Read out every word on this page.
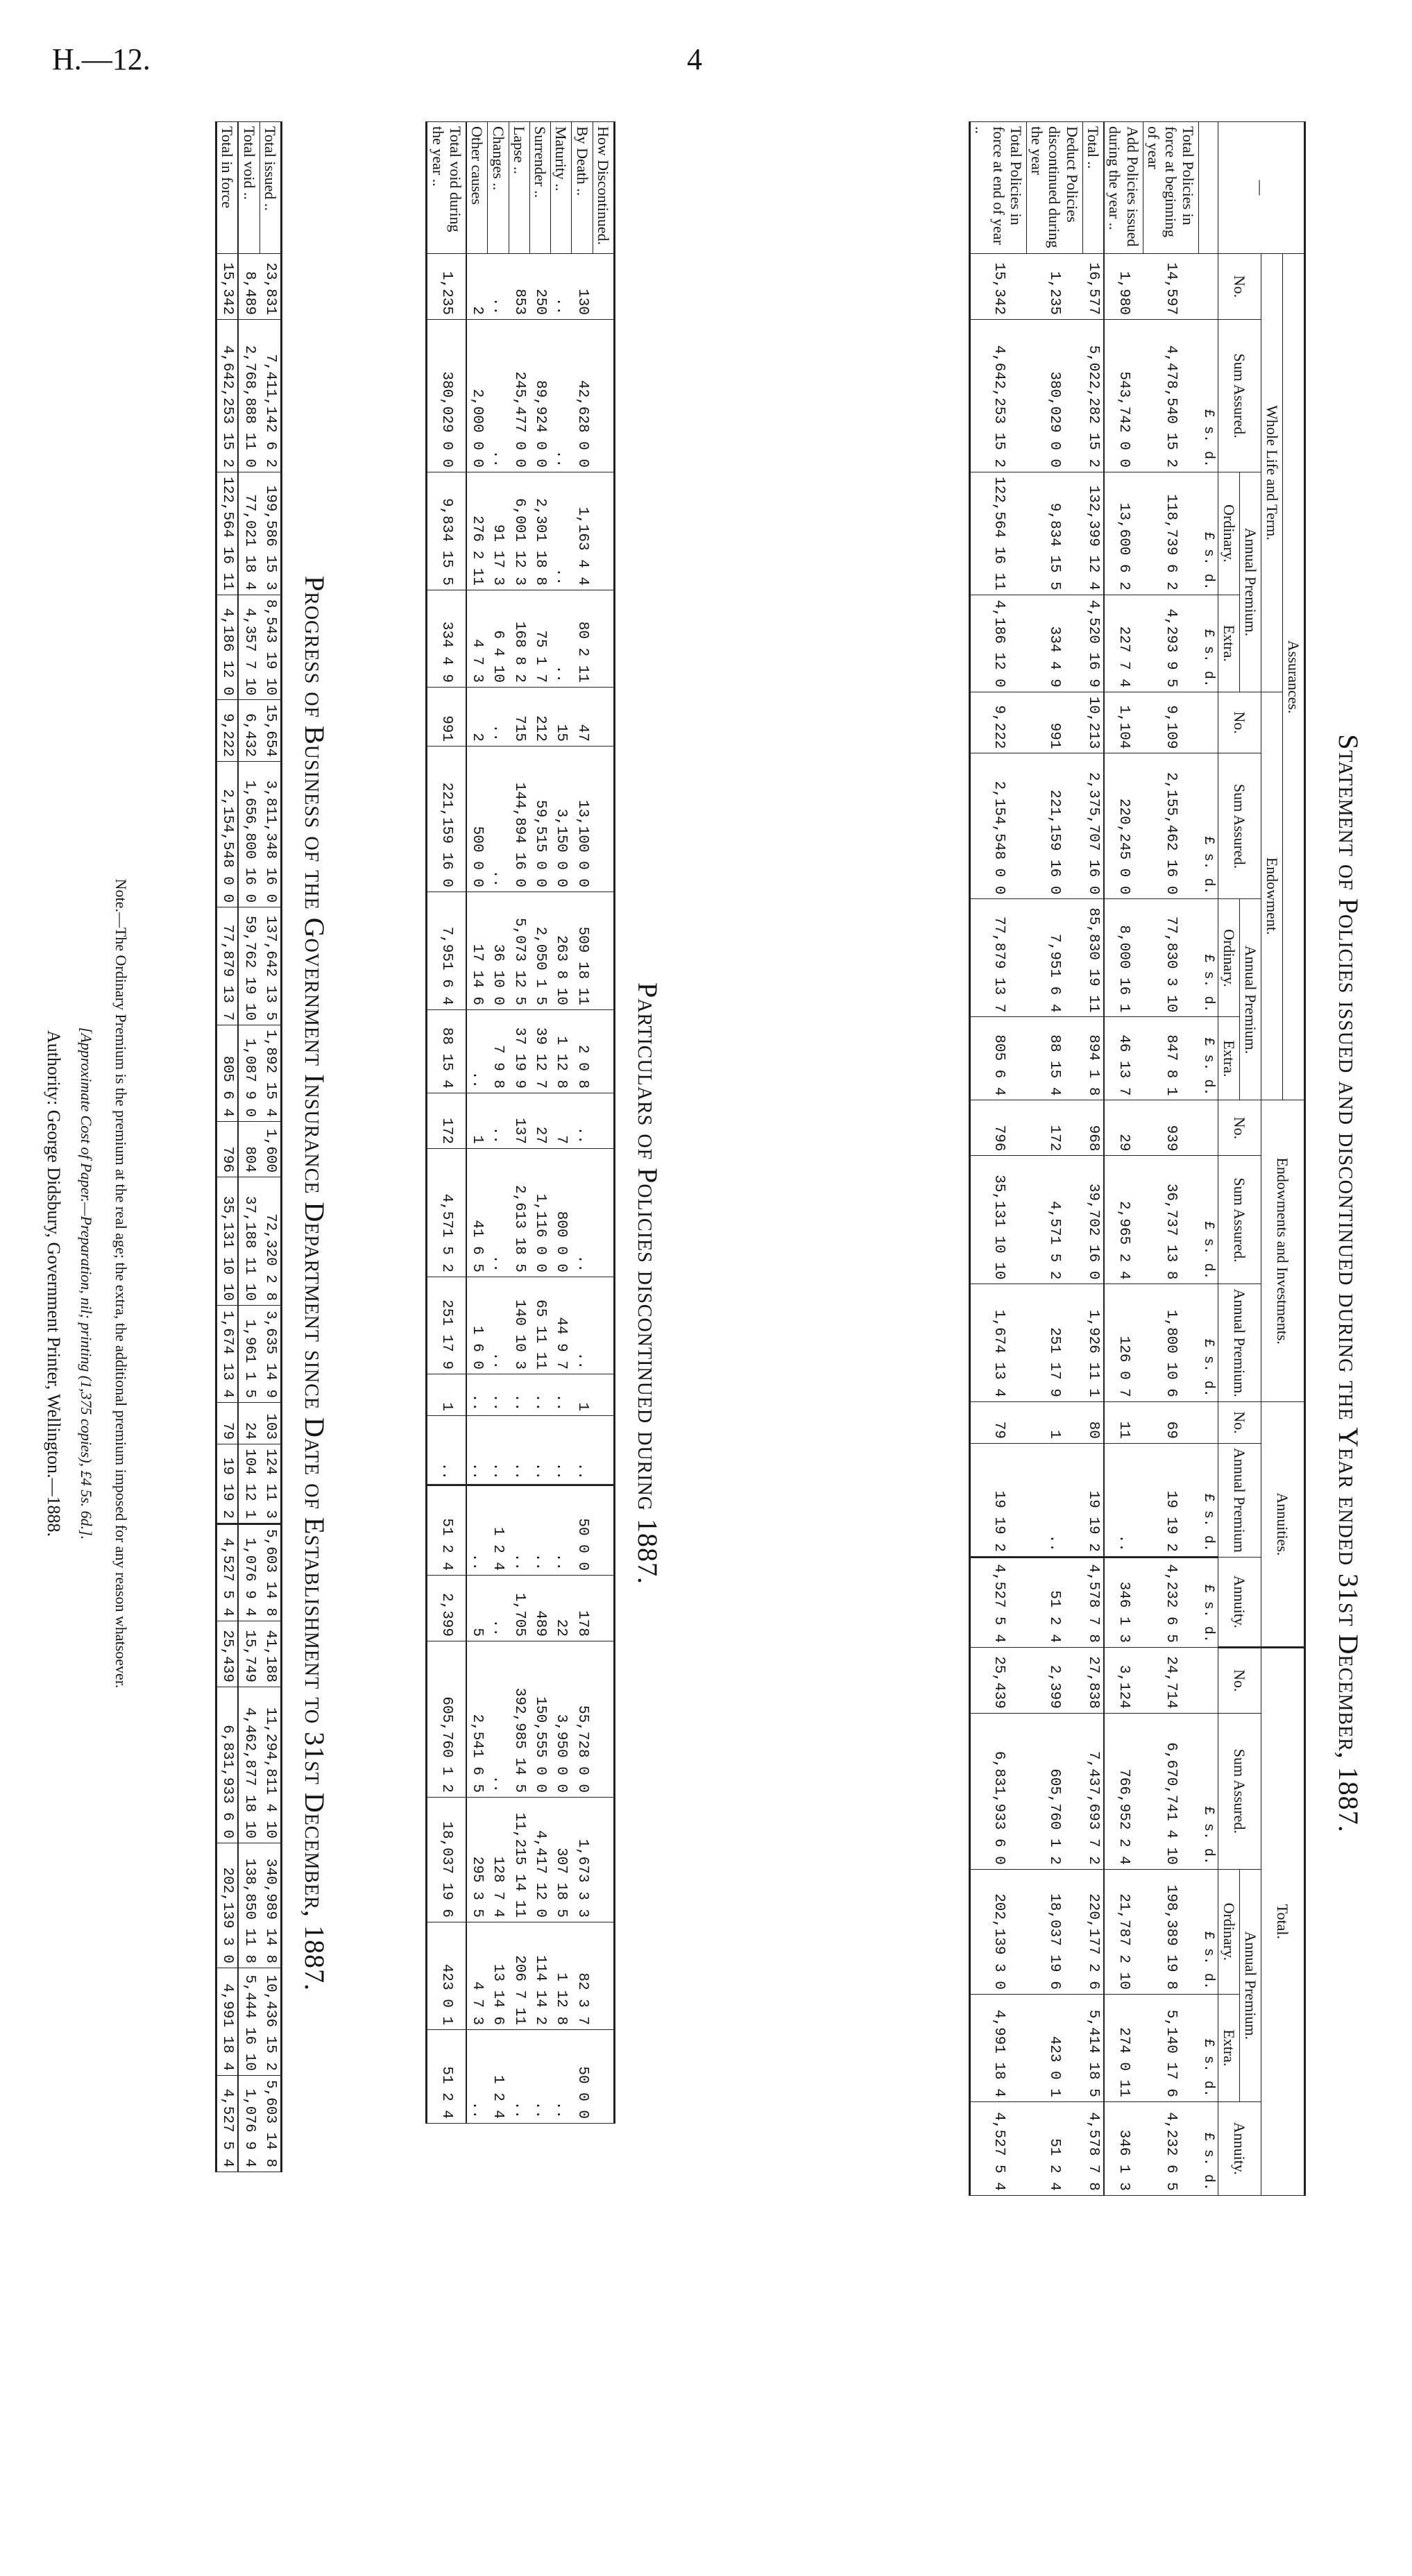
H.—12.	4
Statement of Policies issued and discontinued during the Year ended 31st December, 1887.
—	Assurances.								Endowments and Investments.			Annuities.			Total.				
	Whole Life and Term.				Endowment.														
	No.	Sum Assured.	Annual Premium.		No.	Sum Assured.	Annual Premium.		No.	Sum Assured.	Annual Premium.	No.	Annual Premium	Annuity.	No.	Sum Assured.	Annual Premium.		Annuity.
			Ordinary.	Extra.			Ordinary.	Extra.									Ordinary.	Extra.	
		£ s. d.	£ s. d.	£ s. d.		£ s. d.	£ s. d.	£ s. d.		£ s. d.	£ s. d.		£ s. d.	£ s. d.		£ s. d.	£ s. d.	£ s. d.	£ s. d.
Total Policies in force at beginning of year	14,597	4,478,540 15 2	118,739 6 2	4,293 9 5	9,109	2,155,462 16 0	77,830 3 10	847 8 1	939	36,737 13 8	1,800 10 6	69	19 19 2	4,232 6 5	24,714	6,670,741 4 10	198,389 19 8	5,140 17 6	4,232 6 5
Add Policies issued during the year ..	1,980	543,742 0 0	13,600 6 2	227 7 4	1,104	220,245 0 0	8,000 16 1	46 13 7	29	2,965 2 4	126 0 7	11	..	346 1 3	3,124	766,952 2 4	21,787 2 10	274 0 11	346 1 3
Total ..	16,577	5,022,282 15 2	132,399 12 4	4,520 16 9	10,213	2,375,707 16 0	85,830 19 11	894 1 8	968	39,702 16 0	1,926 11 1	80	19 19 2	4,578 7 8	27,838	7,437,693 7 2	220,177 2 6	5,414 18 5	4,578 7 8
Deduct Policies discontinued during the year	1,235	380,029 0 0	9,834 15 5	334 4 9	991	221,159 16 0	7,951 6 4	88 15 4	172	4,571 5 2	251 17 9	1	..	51 2 4	2,399	605,760 1 2	18,037 19 6	423 0 1	51 2 4
Total Policies in force at end of year ..	15,342	4,642,253 15 2	122,564 16 11	4,186 12 0	9,222	2,154,548 0 0	77,879 13 7	805 6 4	796	35,131 10 10	1,674 13 4	79	19 19 2	4,527 5 4	25,439	6,831,933 6 0	202,139 3 0	4,991 18 4	4,527 5 4
Particulars of Policies discontinued during 1887.
How Discontinued.																			
By Death ..	130	42,628 0 0	1,163 4 4	80 2 11	47	13,100 0 0	509 18 11	2 0 8	..	..	..	1	..	50 0 0	178	55,728 0 0	1,673 3 3	82 3 7	50 0 0
Maturity ..	..	..	..	..	15	3,150 0 0	263 8 10	1 12 8	7	800 0 0	44 9 7	..	..	..	22	3,950 0 0	307 18 5	1 12 8	..
Surrender ..	250	89,924 0 0	2,301 18 8	75 1 7	212	59,515 0 0	2,050 1 5	39 12 7	27	1,116 0 0	65 11 11	..	..	..	489	150,555 0 0	4,417 12 0	114 14 2	..
Lapse ..	853	245,477 0 0	6,001 12 3	168 8 2	715	144,894 16 0	5,073 12 5	37 19 9	137	2,613 18 5	140 10 3	..	..	..	1,705	392,985 14 5	11,215 14 11	206 7 11	..
Changes ..	..	..	91 17 3	6 4 10	..	..	36 10 0	7 9 8	..	..	..	..	..	1 2 4	..	..	128 7 4	13 14 6	1 2 4
Other causes	2	2,000 0 0	276 2 11	4 7 3	2	500 0 0	17 14 6	..	1	41 6 5	1 6 0	..	..	..	5	2,541 6 5	295 3 5	4 7 3	..
Total void during the year ..	1,235	380,029 0 0	9,834 15 5	334 4 9	991	221,159 16 0	7,951 6 4	88 15 4	172	4,571 5 2	251 17 9	1	..	51 2 4	2,399	605,760 1 2	18,037 19 6	423 0 1	51 2 4
Progress of Business of the Government Insurance Department since Date of Establishment to 31st December, 1887.
Total issued ..	23,831	7,411,142 6 2	199,586 15 3	8,543 19 10	15,654	3,811,348 16 0	137,642 13 5	1,892 15 4	1,600	72,320 2 8	3,635 14 9	103	124 11 3	5,603 14 8	41,188	11,294,811 4 10	340,989 14 8	10,436 15 2	5,603 14 8
Total void ..	8,489	2,768,888 11 0	77,021 18 4	4,357 7 10	6,432	1,656,800 16 0	59,762 19 10	1,087 9 0	804	37,188 11 10	1,961 1 5	24	104 12 1	1,076 9 4	15,749	4,462,877 18 10	138,850 11 8	5,444 16 10	1,076 9 4
Total in force	15,342	4,642,253 15 2	122,564 16 11	4,186 12 0	9,222	2,154,548 0 0	77,879 13 7	805 6 4	796	35,131 10 10	1,674 13 4	79	19 19 2	4,527 5 4	25,439	6,831,933 6 0	202,139 3 0	4,991 18 4	4,527 5 4
Note.—The Ordinary Premium is the premium at the real age; the extra, the additional premium imposed for any reason whatsoever.
[Approximate Cost of Paper.—Preparation, nil; printing (1,375 copies), £4 5s. 6d.].
Authority: George Didsbury, Government Printer, Wellington.—1888.
